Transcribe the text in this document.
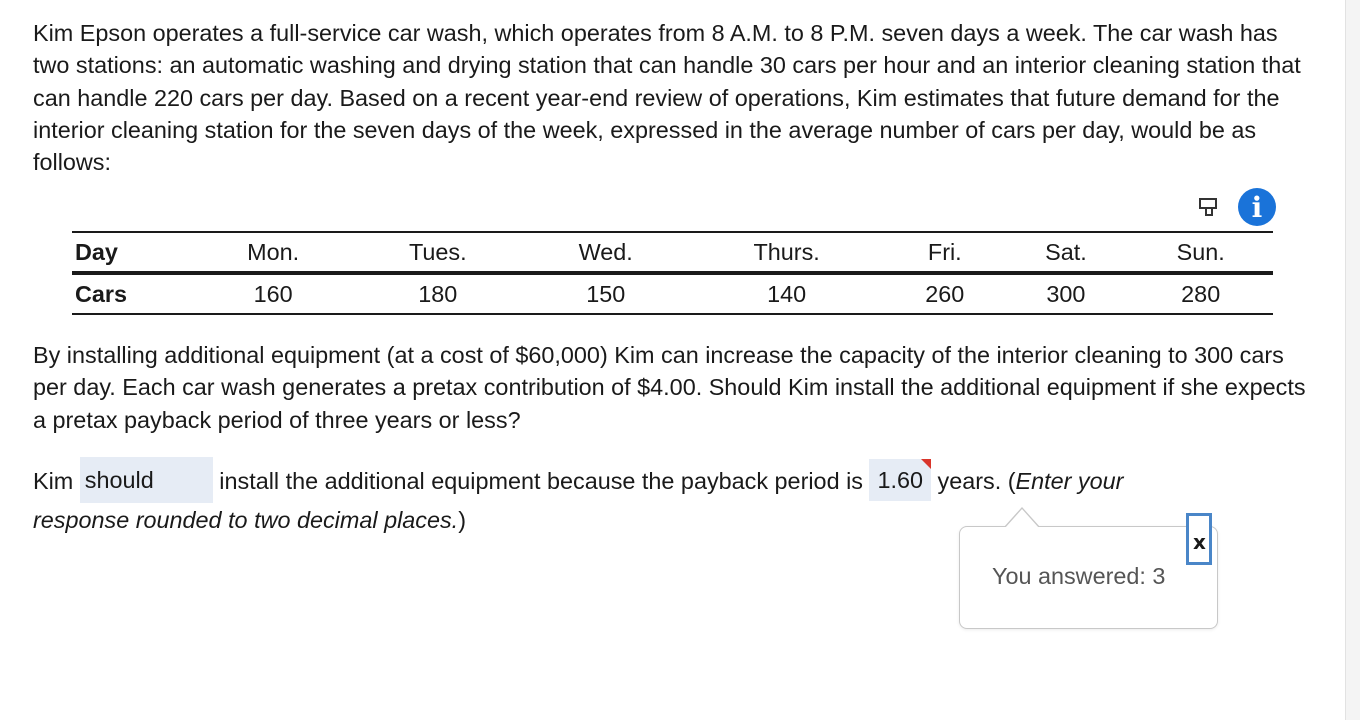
Kim Epson operates a full-service car wash, which operates from 8 A.M. to 8 P.M. seven days a week. The car wash has two stations: an automatic washing and drying station that can handle 30 cars per hour and an interior cleaning station that can handle 220 cars per day. Based on a recent year-end review of operations, Kim estimates that future demand for the interior cleaning station for the seven days of the week, expressed in the average number of cars per day, would be as follows:
i
Day	Mon.	Tues.	Wed.	Thurs.	Fri.	Sat.	Sun.
Cars	160	180	150	140	260	300	280
By installing additional equipment (at a cost of $60,000) Kim can increase the capacity of the interior cleaning to 300 cars per day. Each car wash generates a pretax contribution of $4.00. Should Kim install the additional equipment if she expects a pretax payback period of three years or less?
Kim should	install the additional equipment because the payback period is 1.60 years. (Enter your
response rounded to two decimal places.)
You answered: 3
x
